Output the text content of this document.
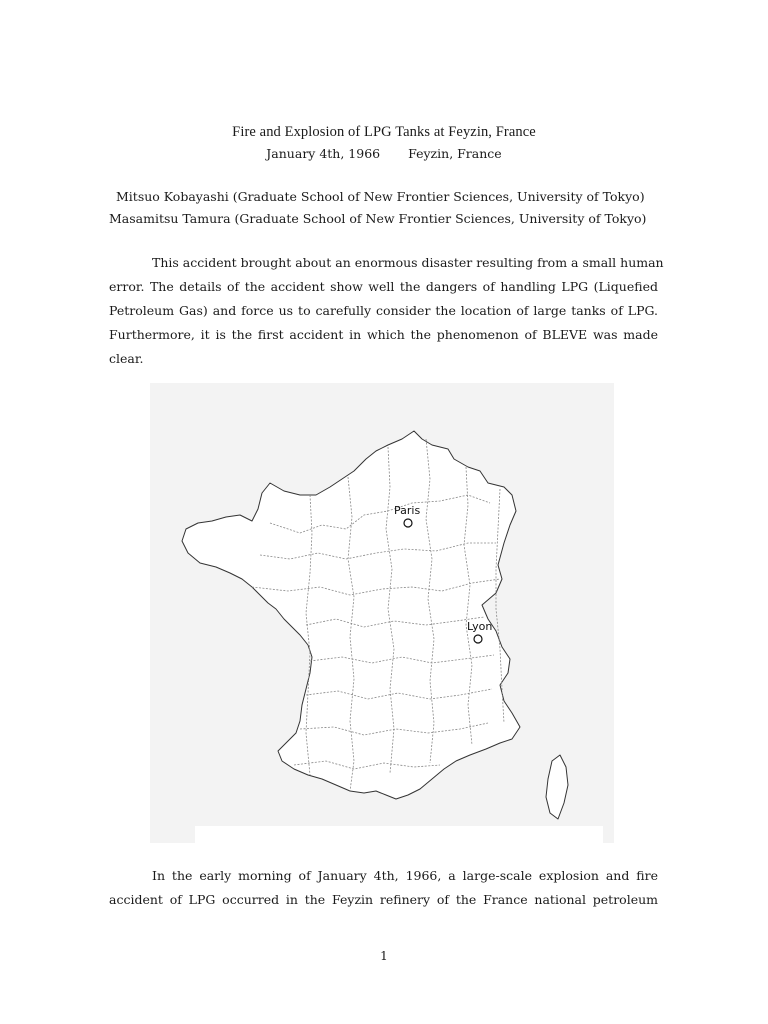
Fire and Explosion of LPG Tanks at Feyzin, France
January 4th, 1966 Feyzin, France
Mitsuo Kobayashi (Graduate School of New Frontier Sciences, University of Tokyo)
Masamitsu Tamura (Graduate School of New Frontier Sciences, University of Tokyo)
This accident brought about an enormous disaster resulting from a small human
error. The details of the accident show well the dangers of handling LPG (Liquefied
Petroleum Gas) and force us to carefully consider the location of large tanks of LPG.
Furthermore, it is the first accident in which the phenomenon of BLEVE was made
clear.
Paris
Lyon
In the early morning of January 4th, 1966, a large-scale explosion and fire
accident of LPG occurred in the Feyzin refinery of the France national petroleum
1
